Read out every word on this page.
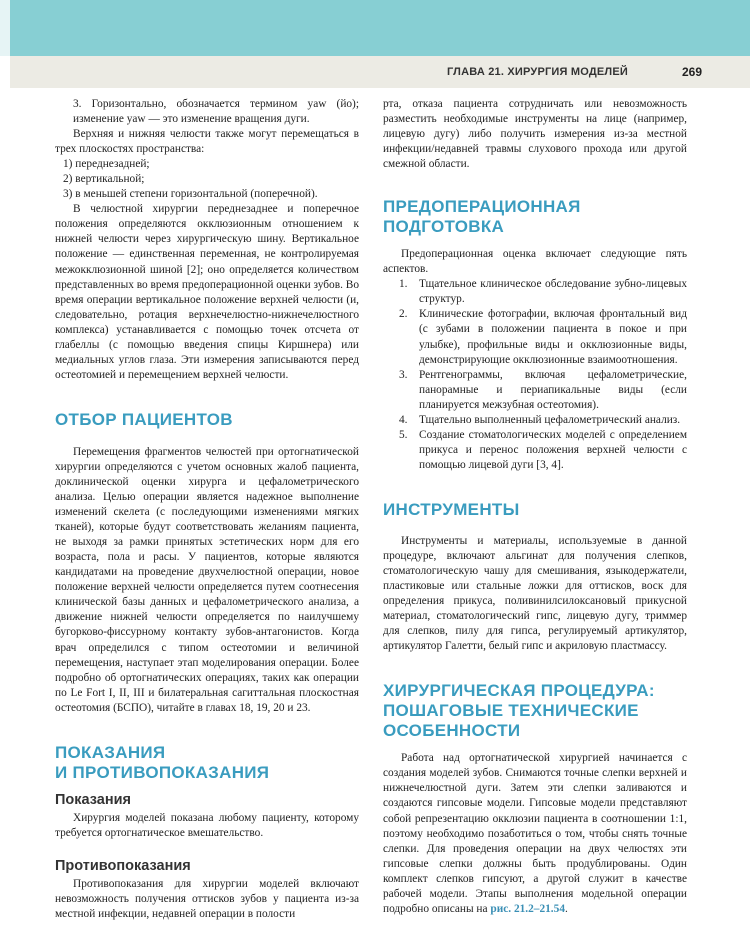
ГЛАВА 21. ХИРУРГИЯ МОДЕЛЕЙ	269

3. Горизонтально, обозначается термином yaw (йо); изменение yaw — это изменение вращения дуги.

Верхняя и нижняя челюсти также могут перемещаться в трех плоскостях пространства:

1) переднезадней;
2) вертикальной;
3) в меньшей степени горизонтальной (поперечной).

В челюстной хирургии переднезаднее и поперечное положения определяются окклюзионным отношением к нижней челюсти через хирургическую шину. Вертикальное положение — единственная переменная, не контролируемая межокклюзионной шиной [2]; оно определяется количеством представленных во время предоперационной оценки зубов. Во время операции вертикальное положение верхней челюсти (и, следовательно, ротация верхнечелюстно-нижнечелюстного комплекса) устанавливается с помощью точек отсчета от глабеллы (с помощью введения спицы Киршнера) или медиальных углов глаза. Эти измерения записываются перед остеотомией и перемещением верхней челюсти.

ОТБОР ПАЦИЕНТОВ

Перемещения фрагментов челюстей при ортогнатической хирургии определяются с учетом основных жалоб пациента, доклинической оценки хирурга и цефалометрического анализа. Целью операции является надежное выполнение изменений скелета (с последующими изменениями мягких тканей), которые будут соответствовать желаниям пациента, не выходя за рамки принятых эстетических норм для его возраста, пола и расы. У пациентов, которые являются кандидатами на проведение двухчелюстной операции, новое положение верхней челюсти определяется путем соотнесения клинической базы данных и цефалометрического анализа, а движение нижней челюсти определяется по наилучшему бугорково-фиссурному контакту зубов-антагонистов. Когда врач определился с типом остеотомии и величиной перемещения, наступает этап моделирования операции. Более подробно об ортогнатических операциях, таких как операции по Le Fort I, II, III и билатеральная сагиттальная плоскостная остеотомия (БСПО), читайте в главах 18, 19, 20 и 23.

ПОКАЗАНИЯ
И ПРОТИВОПОКАЗАНИЯ
Показания

Хирургия моделей показана любому пациенту, которому требуется ортогнатическое вмешательство.

Противопоказания

Противопоказания для хирургии моделей включают невозможность получения оттисков зубов у пациента из-за местной инфекции, недавней операции в полости

рта, отказа пациента сотрудничать или невозможность разместить необходимые инструменты на лице (например, лицевую дугу) либо получить измерения из-за местной инфекции/недавней травмы слухового прохода или другой смежной области.

ПРЕДОПЕРАЦИОННАЯ
ПОДГОТОВКА

Предоперационная оценка включает следующие пять аспектов.

1. Тщательное клиническое обследование зубно-лицевых структур.
2. Клинические фотографии, включая фронтальный вид (с зубами в положении пациента в покое и при улыбке), профильные виды и окклюзионные виды, демонстрирующие окклюзионные взаимоотношения.
3. Рентгенограммы, включая цефалометрические, панорамные и периапикальные виды (если планируется межзубная остеотомия).
4. Тщательно выполненный цефалометрический анализ.
5. Создание стоматологических моделей с определением прикуса и перенос положения верхней челюсти с помощью лицевой дуги [3, 4].
ИНСТРУМЕНТЫ

Инструменты и материалы, используемые в данной процедуре, включают альгинат для получения слепков, стоматологическую чашу для смешивания, языкодержатели, пластиковые или стальные ложки для оттисков, воск для определения прикуса, поливинилсилоксановый прикусной материал, стоматологический гипс, лицевую дугу, триммер для слепков, пилу для гипса, регулируемый артикулятор, артикулятор Галетти, белый гипс и акриловую пластмассу.

ХИРУРГИЧЕСКАЯ ПРОЦЕДУРА:
ПОШАГОВЫЕ ТЕХНИЧЕСКИЕ
ОСОБЕННОСТИ

Работа над ортогнатической хирургией начинается с создания моделей зубов. Снимаются точные слепки верхней и нижнечелюстной дуги. Затем эти слепки заливаются и создаются гипсовые модели. Гипсовые модели представляют собой репрезентацию окклюзии пациента в соотношении 1:1, поэтому необходимо позаботиться о том, чтобы снять точные слепки. Для проведения операции на двух челюстях эти гипсовые слепки должны быть продублированы. Один комплект слепков гипсуют, а другой служит в качестве рабочей модели. Этапы выполнения модельной операции подробно описаны на рис. 21.2–21.54.
